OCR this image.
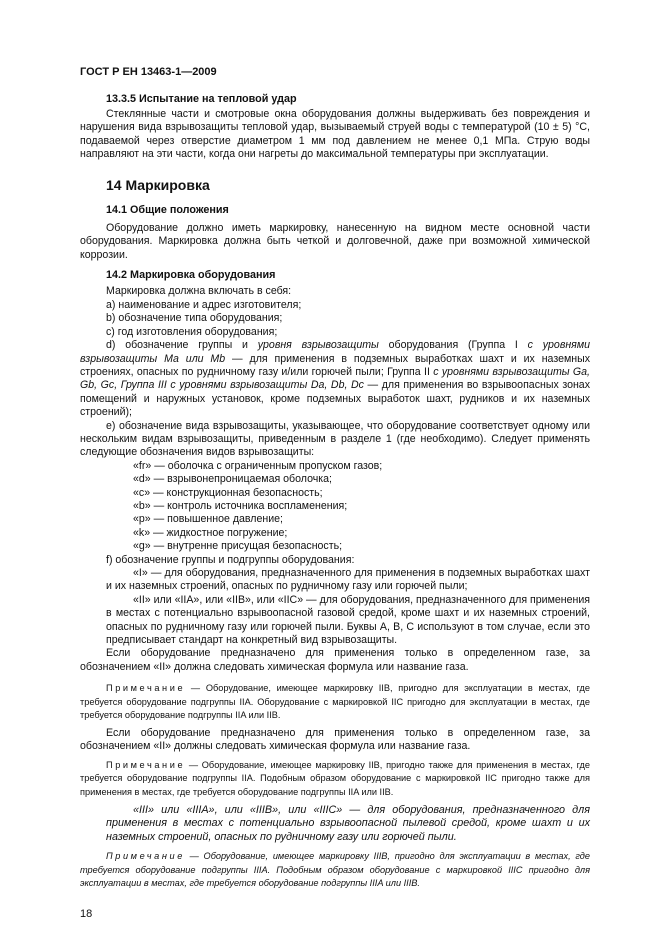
ГОСТ Р ЕН 13463-1—2009
13.3.5 Испытание на тепловой удар

Стеклянные части и смотровые окна оборудования должны выдерживать без повреждения и нарушения вида взрывозащиты тепловой удар, вызываемый струей воды с температурой (10 ± 5) °С, подаваемой через отверстие диаметром 1 мм под давлением не менее 0,1 МПа. Струю воды направляют на эти части, когда они нагреты до максимальной температуры при эксплуатации.

14 Маркировка
14.1 Общие положения

Оборудование должно иметь маркировку, нанесенную на видном месте основной части оборудования. Маркировка должна быть четкой и долговечной, даже при возможной химической коррозии.

14.2 Маркировка оборудования
Маркировка должна включать в себя:
a) наименование и адрес изготовителя;
b) обозначение типа оборудования;
c) год изготовления оборудования;

d) обозначение группы и уровня взрывозащиты оборудования (Группа I с уровнями взрывозащиты Ма или Mb — для применения в подземных выработках шахт и их наземных строениях, опасных по рудничному газу и/или горючей пыли; Группа II с уровнями взрывозащиты Ga, Gb, Gc, Группа III с уровнями взрывозащиты Da, Db, Dc — для применения во взрывоопасных зонах помещений и наружных установок, кроме подземных выработок шахт, рудников и их наземных строений);

e) обозначение вида взрывозащиты, указывающее, что оборудование соответствует одному или нескольким видам взрывозащиты, приведенным в разделе 1 (где необходимо). Следует применять следующие обозначения видов взрывозащиты:

«fr» — оболочка с ограниченным пропуском газов;
«d» — взрывонепроницаемая оболочка;
«c» — конструкционная безопасность;
«b» — контроль источника воспламенения;
«p» — повышенное давление;
«k» — жидкостное погружение;
«g» — внутренне присущая безопасность;
f) обозначение группы и подгруппы оборудования:
«I» — для оборудования, предназначенного для применения в подземных выработках шахт и их наземных строений, опасных по рудничному газу или горючей пыли;
«II» или «IIA», или «IIB», или «IIC» — для оборудования, предназначенного для применения в местах с потенциально взрывоопасной газовой средой, кроме шахт и их наземных строений, опасных по рудничному газу или горючей пыли. Буквы А, В, С используют в том случае, если это предписывает стандарт на конкретный вид взрывозащиты.

Если оборудование предназначено для применения только в определенном газе, за обозначением «II» должна следовать химическая формула или название газа.

Примечание — Оборудование, имеющее маркировку IIB, пригодно для эксплуатации в местах, где требуется оборудование подгруппы IIA. Оборудование с маркировкой IIC пригодно для эксплуатации в местах, где требуется оборудование подгруппы IIA или IIB.

Если оборудование предназначено для применения только в определенном газе, за обозначением «II» должны следовать химическая формула или название газа.

Примечание — Оборудование, имеющее маркировку IIB, пригодно также для применения в местах, где требуется оборудование подгруппы IIA. Подобным образом оборудование с маркировкой IIC пригодно также для применения в местах, где требуется оборудование подгруппы IIA или IIB.
«III» или «IIIA», или «IIIB», или «IIIC» — для оборудования, предназначенного для применения в местах с потенциально взрывоопасной пылевой средой, кроме шахт и их наземных строений, опасных по рудничному газу или горючей пыли.
Примечание — Оборудование, имеющее маркировку IIIB, пригодно для эксплуатации в местах, где требуется оборудование подгруппы IIIA. Подобным образом оборудование с маркировкой IIIC пригодно для эксплуатации в местах, где требуется оборудование подгруппы IIIA или IIIB.
18
